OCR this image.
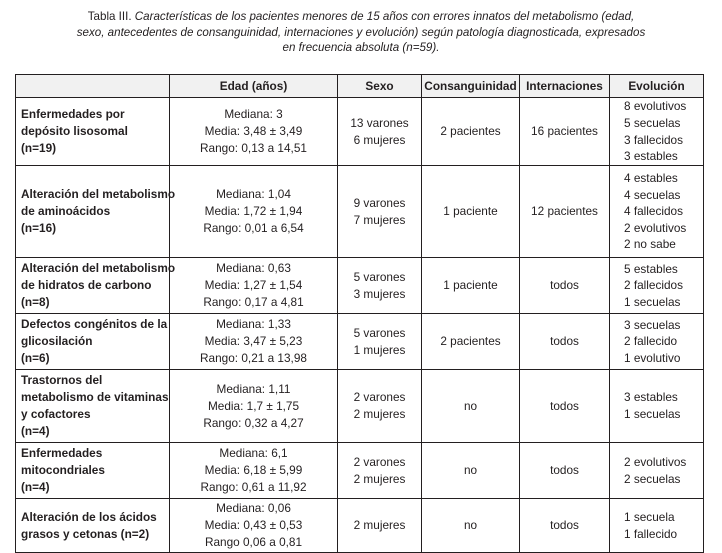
Tabla III. Características de los pacientes menores de 15 años con errores innatos del metabolismo (edad,
sexo, antecedentes de consanguinidad, internaciones y evolución) según patología diagnosticada, expresados
en frecuencia absoluta (n=59).
	Edad (años)	Sexo	Consanguinidad	Internaciones	Evolución

Enfermedades por
depósito lisosomal
(n=19)	Mediana: 3
Media: 3,48 ± 3,49
Rango: 0,13 a 14,51	13 varones
6 mujeres	2 pacientes	16 pacientes	8 evolutivos
5 secuelas
3 fallecidos
3 estables

Alteración del metabolismo
de aminoácidos
(n=16)	Mediana: 1,04
Media: 1,72 ± 1,94
Rango: 0,01 a 6,54	9 varones
7 mujeres	1 paciente	12 pacientes	4 estables
4 secuelas
4 fallecidos
2 evolutivos
2 no sabe

Alteración del metabolismo
de hidratos de carbono
(n=8)	Mediana: 0,63
Media: 1,27 ± 1,54
Rango: 0,17 a 4,81	5 varones
3 mujeres	1 paciente	todos	5 estables
2 fallecidos
1 secuelas

Defectos congénitos de la
glicosilación
(n=6)	Mediana: 1,33
Media: 3,47 ± 5,23
Rango: 0,21 a 13,98	5 varones
1 mujeres	2 pacientes	todos	3 secuelas
2 fallecido
1 evolutivo

Trastornos del
metabolismo de vitaminas
y cofactores
(n=4)	Mediana: 1,11
Media: 1,7 ± 1,75
Rango: 0,32 a 4,27	2 varones
2 mujeres	no	todos	3 estables
1 secuelas

Enfermedades
mitocondriales
(n=4)	Mediana: 6,1
Media: 6,18 ± 5,99
Rango: 0,61 a 11,92	2 varones
2 mujeres	no	todos	2 evolutivos
2 secuelas

Alteración de los ácidos
grasos y cetonas (n=2)	Mediana: 0,06
Media: 0,43 ± 0,53
Rango 0,06 a 0,81	2 mujeres	no	todos	1 secuela
1 fallecido
